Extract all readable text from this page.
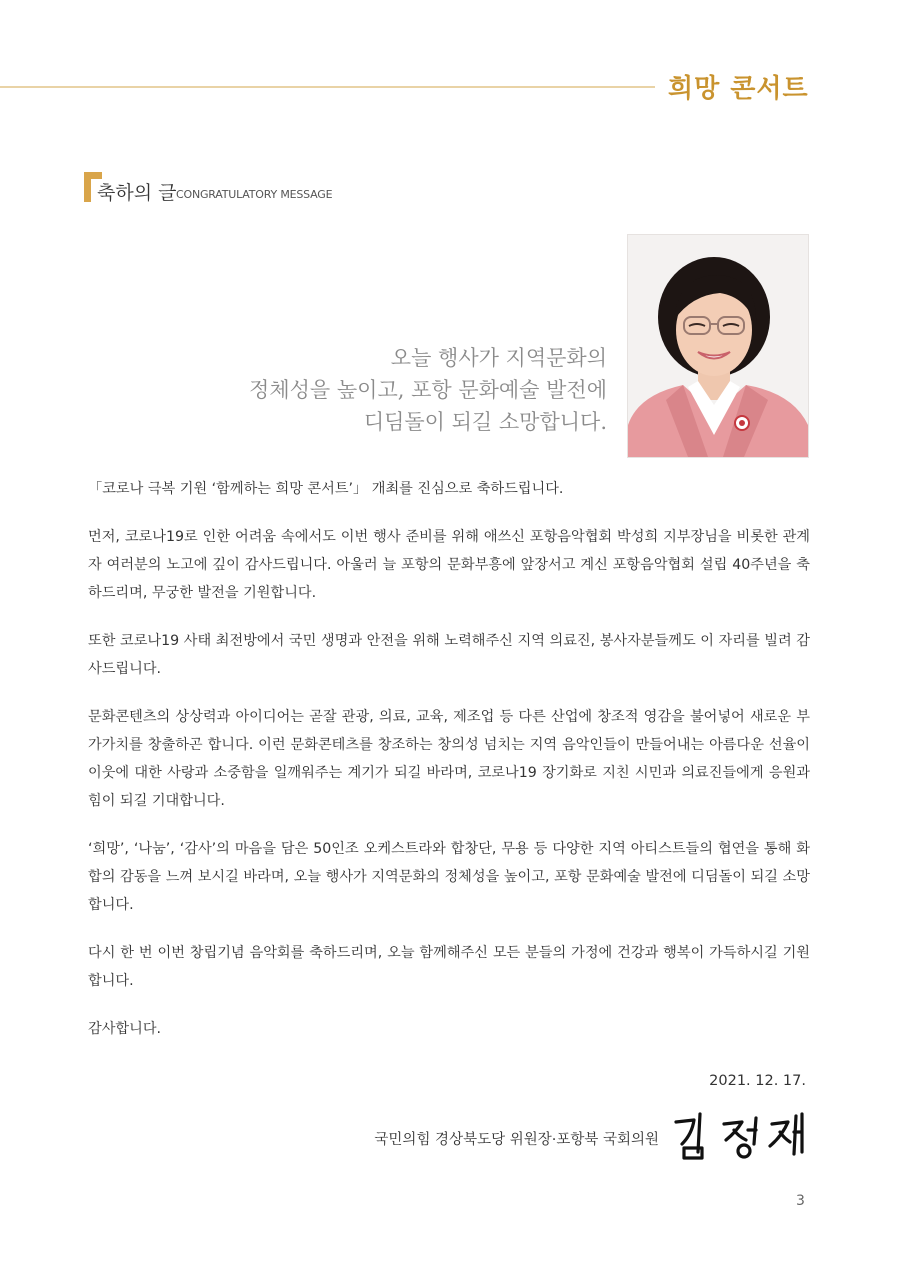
희망 콘서트
축하의 글 CONGRATULATORY MESSAGE
오늘 행사가 지역문화의
정체성을 높이고, 포항 문화예술 발전에
디딤돌이 되길 소망합니다.

「코로나 극복 기원 ‘함께하는 희망 콘서트’」 개최를 진심으로 축하드립니다.

먼저, 코로나19로 인한 어려움 속에서도 이번 행사 준비를 위해 애쓰신 포항음악협회 박성희 지부장님을 비롯한 관계자 여러분의 노고에 깊이 감사드립니다. 아울러 늘 포항의 문화부흥에 앞장서고 계신 포항음악협회 설립 40주년을 축하드리며, 무궁한 발전을 기원합니다.

또한 코로나19 사태 최전방에서 국민 생명과 안전을 위해 노력해주신 지역 의료진, 봉사자분들께도 이 자리를 빌려 감사드립니다.

문화콘텐츠의 상상력과 아이디어는 곧잘 관광, 의료, 교육, 제조업 등 다른 산업에 창조적 영감을 불어넣어 새로운 부가가치를 창출하곤 합니다. 이런 문화콘테츠를 창조하는 창의성 넘치는 지역 음악인들이 만들어내는 아름다운 선율이 이웃에 대한 사랑과 소중함을 일깨워주는 계기가 되길 바라며, 코로나19 장기화로 지친 시민과 의료진들에게 응원과 힘이 되길 기대합니다.

‘희망’, ‘나눔’, ‘감사’의 마음을 담은 50인조 오케스트라와 합창단, 무용 등 다양한 지역 아티스트들의 협연을 통해 화합의 감동을 느껴 보시길 바라며, 오늘 행사가 지역문화의 정체성을 높이고, 포항 문화예술 발전에 디딤돌이 되길 소망합니다.

다시 한 번 이번 창립기념 음악회를 축하드리며, 오늘 함께해주신 모든 분들의 가정에 건강과 행복이 가득하시길 기원합니다.

감사합니다.

2021. 12. 17.
국민의힘 경상북도당 위원장·포항북 국회의원
3
